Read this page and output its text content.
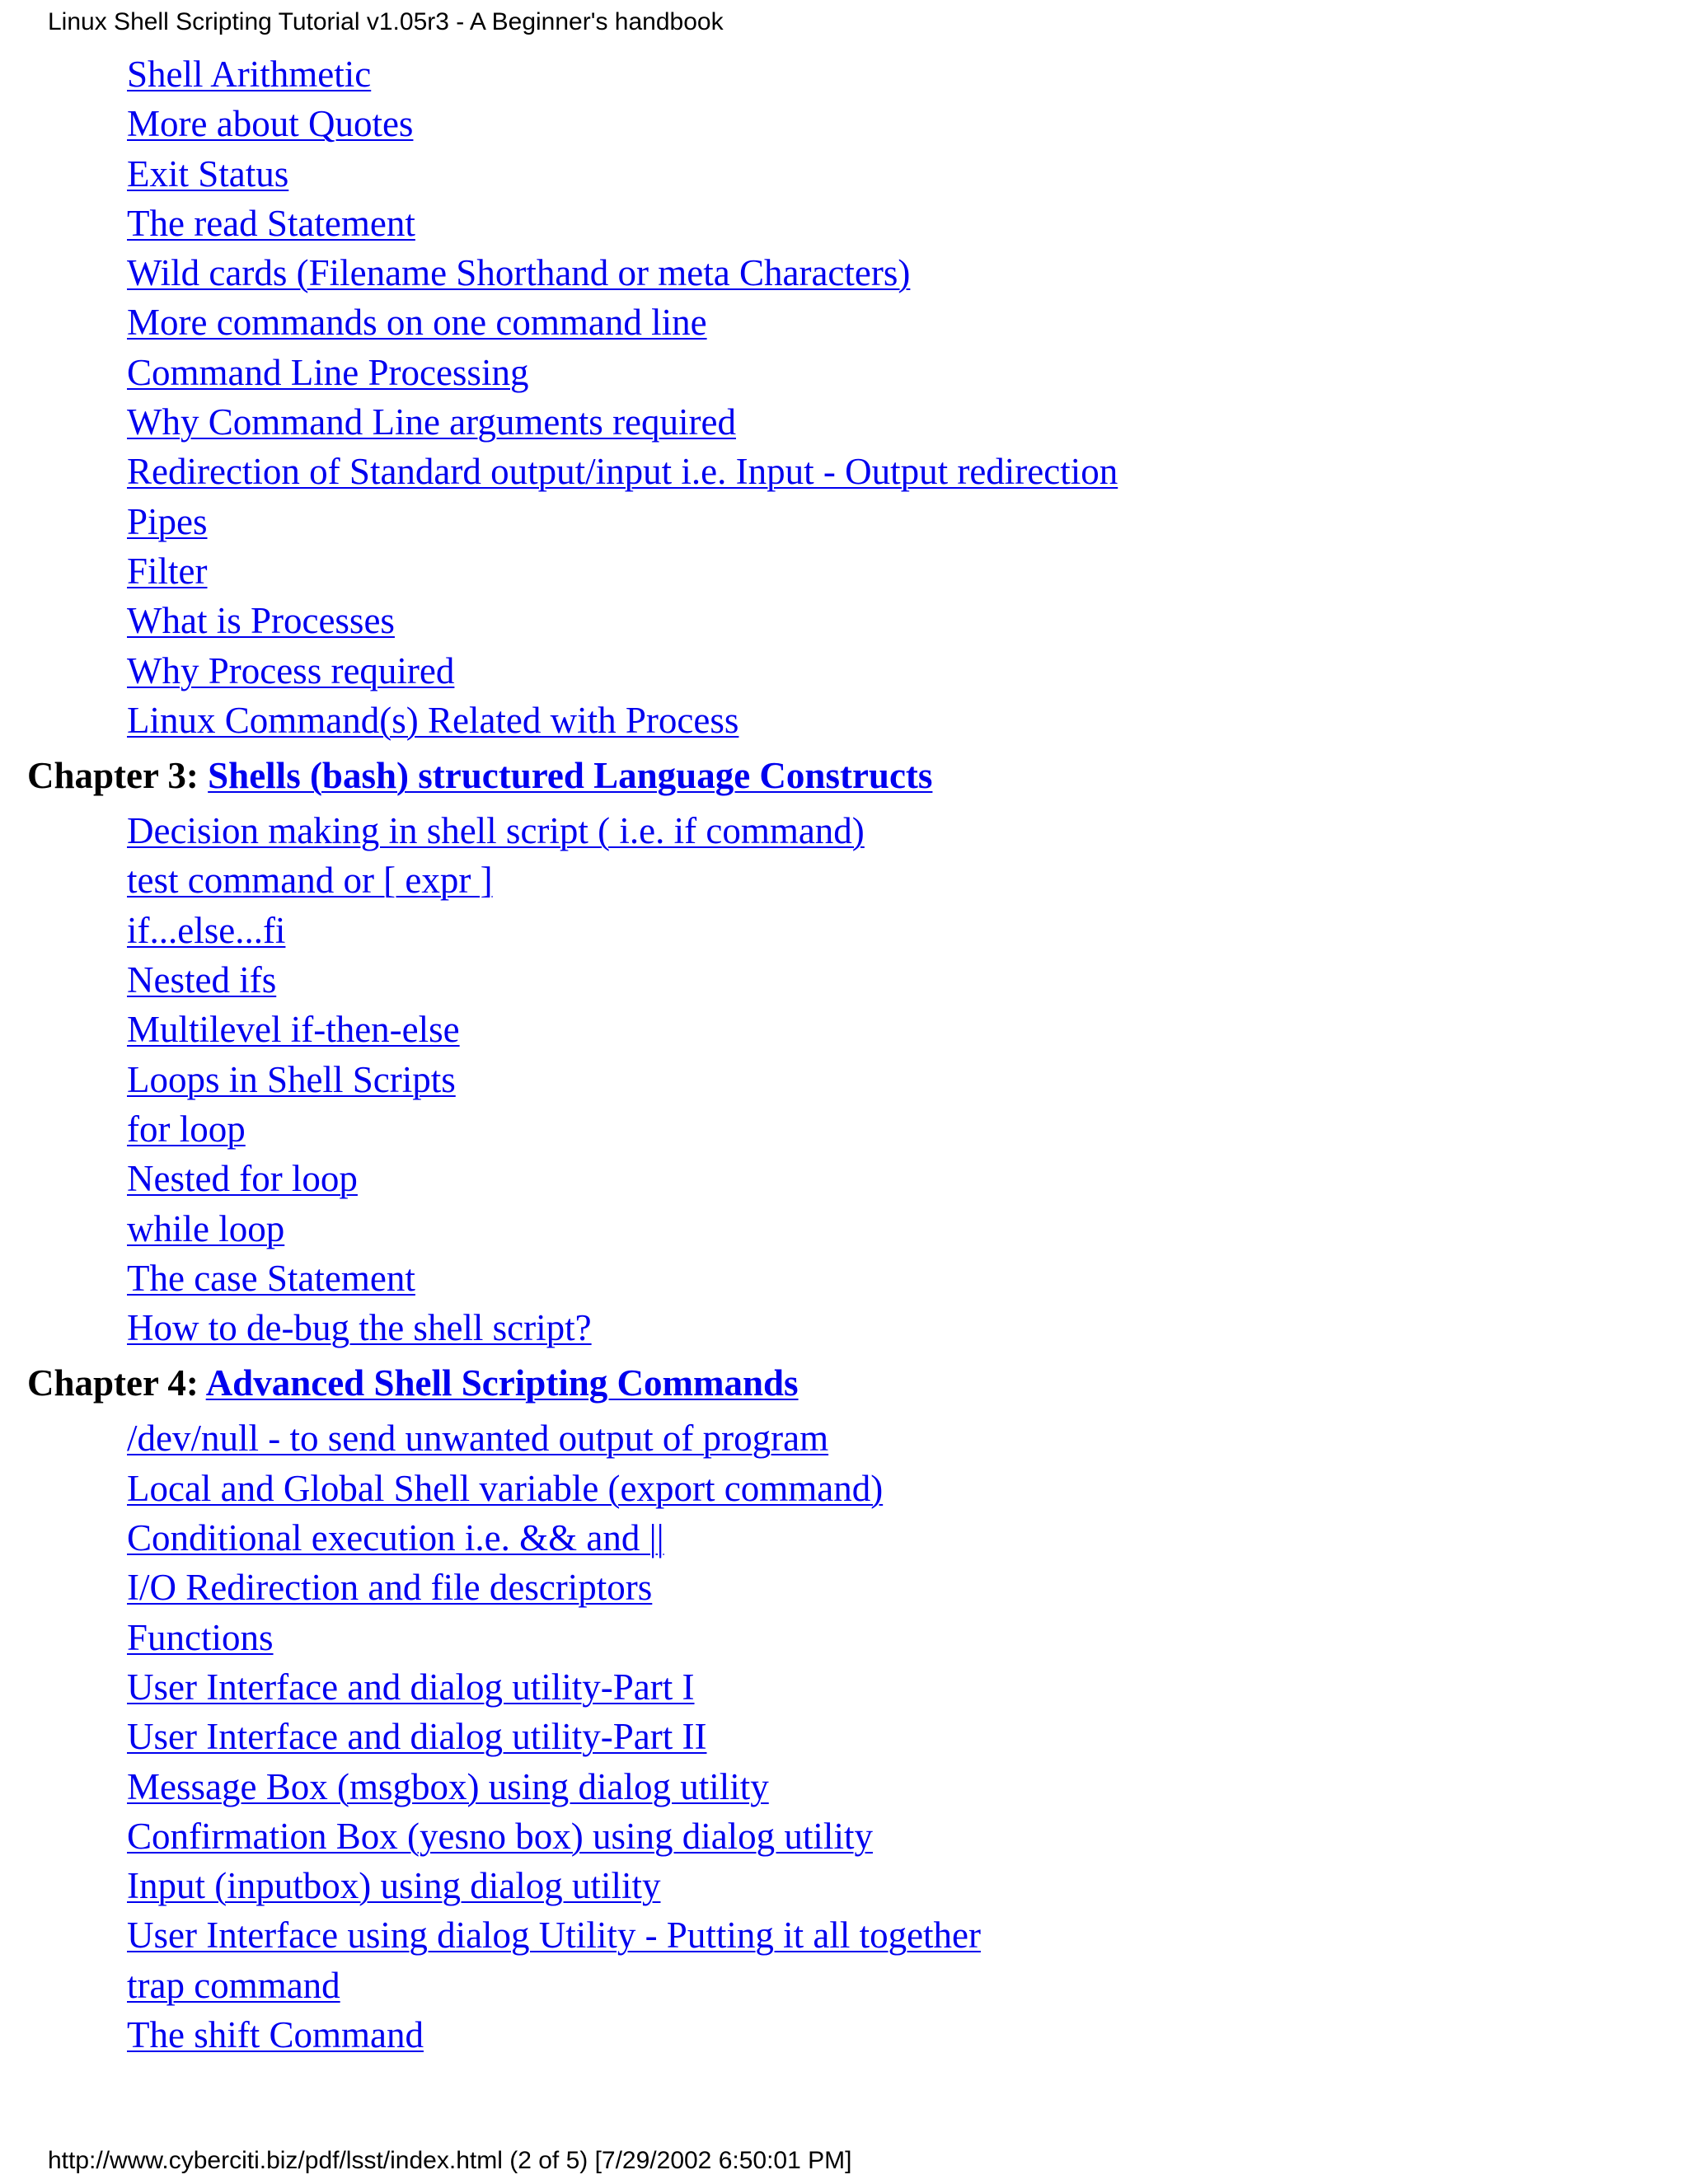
Linux Shell Scripting Tutorial v1.05r3 - A Beginner's handbook
Shell Arithmetic
More about Quotes
Exit Status
The read Statement
Wild cards (Filename Shorthand or meta Characters)
More commands on one command line
Command Line Processing
Why Command Line arguments required
Redirection of Standard output/input i.e. Input - Output redirection
Pipes
Filter
What is Processes
Why Process required
Linux Command(s) Related with Process
Chapter 3: Shells (bash) structured Language Constructs
Decision making in shell script ( i.e. if command)
test command or [ expr ]
if...else...fi
Nested ifs
Multilevel if-then-else
Loops in Shell Scripts
for loop
Nested for loop
while loop
The case Statement
How to de-bug the shell script?
Chapter 4: Advanced Shell Scripting Commands
/dev/null - to send unwanted output of program
Local and Global Shell variable (export command)
Conditional execution i.e. && and ||
I/O Redirection and file descriptors
Functions
User Interface and dialog utility-Part I
User Interface and dialog utility-Part II
Message Box (msgbox) using dialog utility
Confirmation Box (yesno box) using dialog utility
Input (inputbox) using dialog utility
User Interface using dialog Utility - Putting it all together
trap command
The shift Command
http://www.cyberciti.biz/pdf/lsst/index.html (2 of 5) [7/29/2002 6:50:01 PM]
